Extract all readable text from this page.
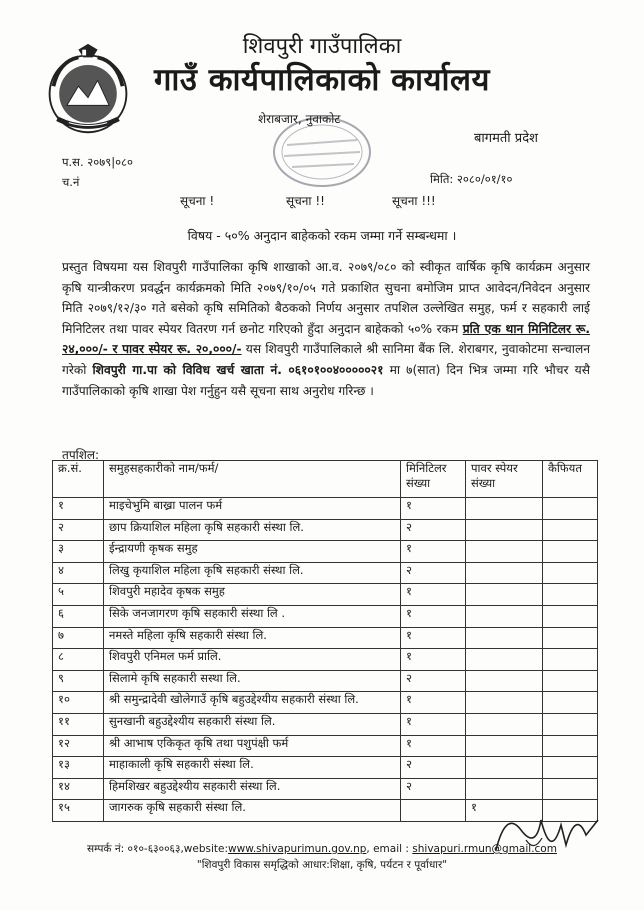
शिवपुरी गाउँपालिका
गाउँ कार्यपालिकाको कार्यालय
शेराबजार, नुवाकोट
बागमती प्रदेश
प.स. २०७९|०८०
च.नं	मिति: २०८०/०१/१०
सूचना !	सूचना !!	सूचना !!!
विषय - ५०% अनुदान बाहेकको रकम जम्मा गर्ने सम्बन्धमा ।
प्रस्तुत विषयमा यस शिवपुरी गाउँपालिका कृषि शाखाको आ.व. २०७९/०८० को स्वीकृत वार्षिक कृषि कार्यक्रम अनुसार कृषि यान्त्रीकरण प्रवर्द्धन कार्यक्रमको मिति २०७९/१०/०५ गते प्रकाशित सुचना बमोजिम प्राप्त आवेदन/निवेदन अनुसार मिति २०७९/१२/३० गते बसेको कृषि समितिको बैठकको निर्णय अनुसार तपशिल उल्लेखित समुह, फर्म र सहकारी लाई मिनिटिलर तथा पावर स्पेयर वितरण गर्न छनोट गरिएको हुँदा अनुदान बाहेकको ५०% रकम प्रति एक थान मिनिटिलर रू. २४,०००/- र पावर स्पेयर रू. २०,०००/- यस शिवपुरी गाउँपालिकाले श्री सानिमा बैंक लि. शेराबगर, नुवाकोटमा सन्चालन गरेको शिवपुरी गा.पा को विविध खर्च खाता नं. ०६१०१००४०००००२१ मा ७(सात) दिन भित्र जम्मा गरि भौचर यसै गाउँपालिकाको कृषि शाखा पेश गर्नुहुन यसै सूचना साथ अनुरोध गरिन्छ ।
तपशिल:
क्र.सं.	समुहसहकारीको नाम/फर्म/	मिनिटिलर संख्या	पावर स्पेयर संख्या	कैफियत
१	माइचेभुमि बाख्रा पालन फर्म	१		
२	छाप क्रियाशिल महिला कृषि सहकारी संस्था लि.	२		
३	ईन्द्रायणी कृषक समुह	१		
४	लिखु कृयाशिल महिला कृषि सहकारी संस्था लि.	२		
५	शिवपुरी महादेव कृषक समुह	१		
६	सिके जनजागरण कृषि सहकारी संस्था लि .	१		
७	नमस्ते महिला कृषि सहकारी संस्था लि.	१		
८	शिवपुरी एनिमल फर्म प्रालि.	१		
९	सिलामे कृषि सहकारी सस्था लि.	२		
१०	श्री समुन्द्रादेवी खोलेगाउँ कृषि बहुउद्देश्यीय सहकारी संस्था लि.	१		
११	सुनखानी बहुउद्देश्यीय सहकारी संस्था लि.	१		
१२	श्री आभाष एकिकृत कृषि तथा पशुपंक्षी फर्म	१		
१३	माहाकाली कृषि सहकारी संस्था लि.	२		
१४	हिमशिखर बहुउद्देश्यीय सहकारी संस्था लि.	२		
१५	जागरुक कृषि सहकारी संस्था लि.		१	
सम्पर्क नं: ०१०-६३००६३,website:www.shivapurimun.gov.np, email : shivapuri.rmun@gmail.com
"शिवपुरी विकास समृद्धिको आधार:शिक्षा, कृषि, पर्यटन र पूर्वाधार"
